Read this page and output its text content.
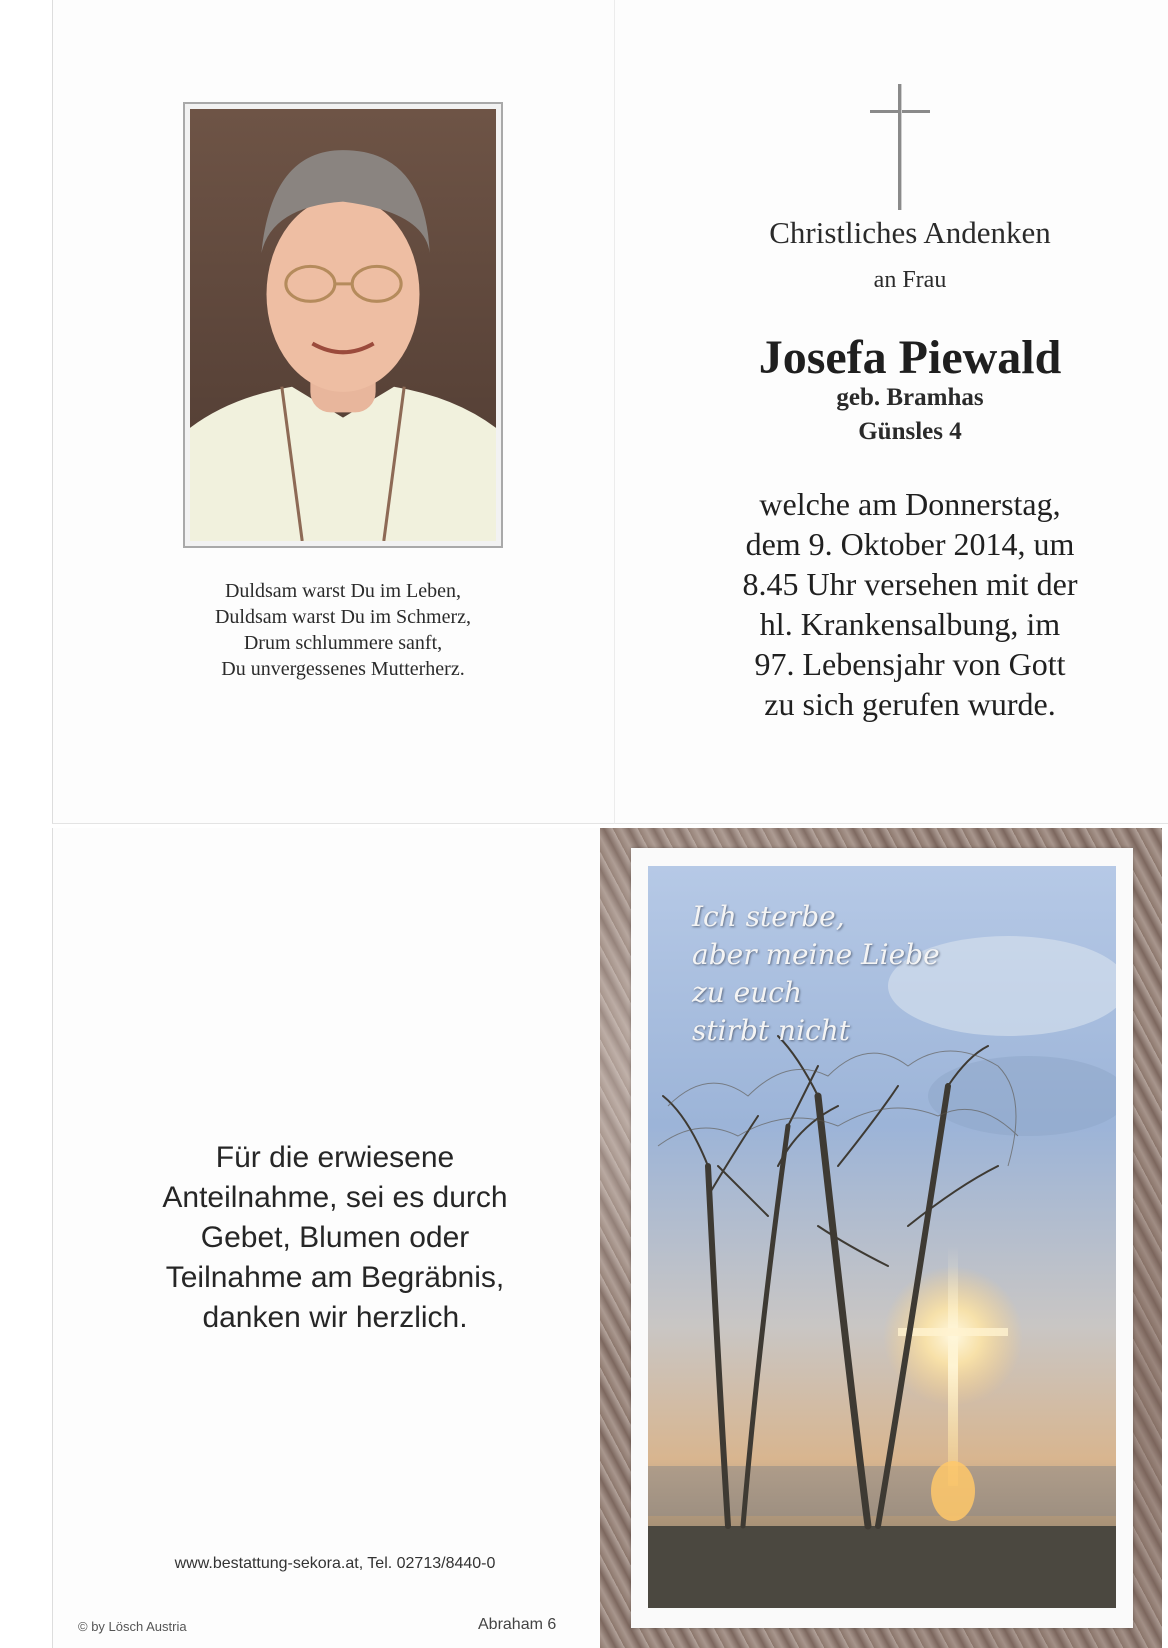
Duldsam warst Du im Leben,
Duldsam warst Du im Schmerz,
Drum schlummere sanft,
Du unvergessenes Mutterherz.
Christliches Andenken
an Frau
Josefa Piewald
geb. Bramhas
Günsles 4
welche am Donnerstag,
dem 9. Oktober 2014, um
8.45 Uhr versehen mit der
hl. Krankensalbung, im
97. Lebensjahr von Gott
zu sich gerufen wurde.
Für die erwiesene
Anteilnahme, sei es durch
Gebet, Blumen oder
Teilnahme am Begräbnis,
danken wir herzlich.
www.bestattung-sekora.at, Tel. 02713/8440-0
© by Lösch Austria	Abraham 6
Ich sterbe,
aber meine Liebe
zu euch
stirbt nicht
